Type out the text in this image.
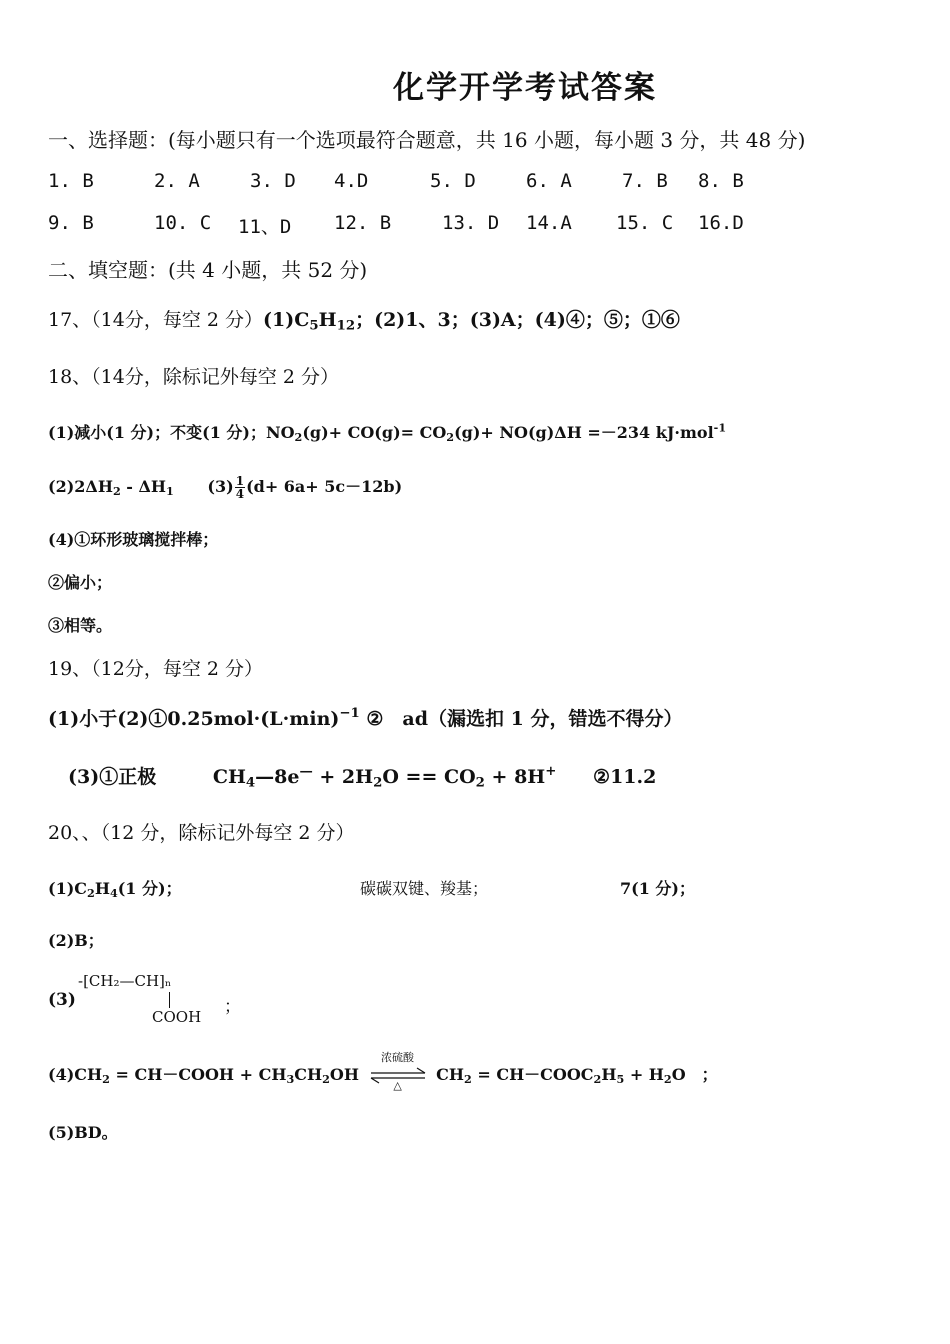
化学开学考试答案
一、选择题：(每小题只有一个选项最符合题意，共 16 小题，每小题 3 分，共 48 分)
1. B	2. A	3. D 4.D	5. D	6. A	7. B 8. B
9. B	10. C 11、D 12. B	13. D 14.A 15. C 16.D
二、填空题：(共 4 小题，共 52 分)
17、（14分，每空 2 分）$(1)C_5H_{12}$；(2)1、3；(3)A；(4)④；⑤；①⑥
18、（14分，除标记外每空 2 分）
(1)减小(1 分)；不变(1 分)；$NO_2(g)+ CO(g)= CO_2(g)+ NO(g)\Delta H =-234$ kJ·mol$^{-1}$
$(2)2\Delta H_2 - \Delta H_1$ $(3) \frac{1}{4} (d+ 6a+ 5c-12b)$
(4)①环形玻璃搅拌棒；
②偏小；
③相等。
19、（12分，每空 2 分）
(1)小于$(2)①0.25mol\cdot(L\cdot\min)^{-1}$ ②　ad（漏选扣 1 分，错选不得分）
(3)①正极	$CH_4—8e^— + 2H_2O == CO_2 + 8H^+$ ②11.2
20、、（12 分，除标记外每空 2 分）
$(1)C_2H_4(1$ 分)；	碳碳双键、羧基；	7(1 分)；
(2)B；
(3)
-[CH₂—CH]ₙ
COOH ；
$(4)CH_2$ = CH－COOH + $CH_3CH_2OH$
浓硫酸
△
$CH_2$ = $CH-COOC_2H_5 + H_2O$　；
(5)BD。
